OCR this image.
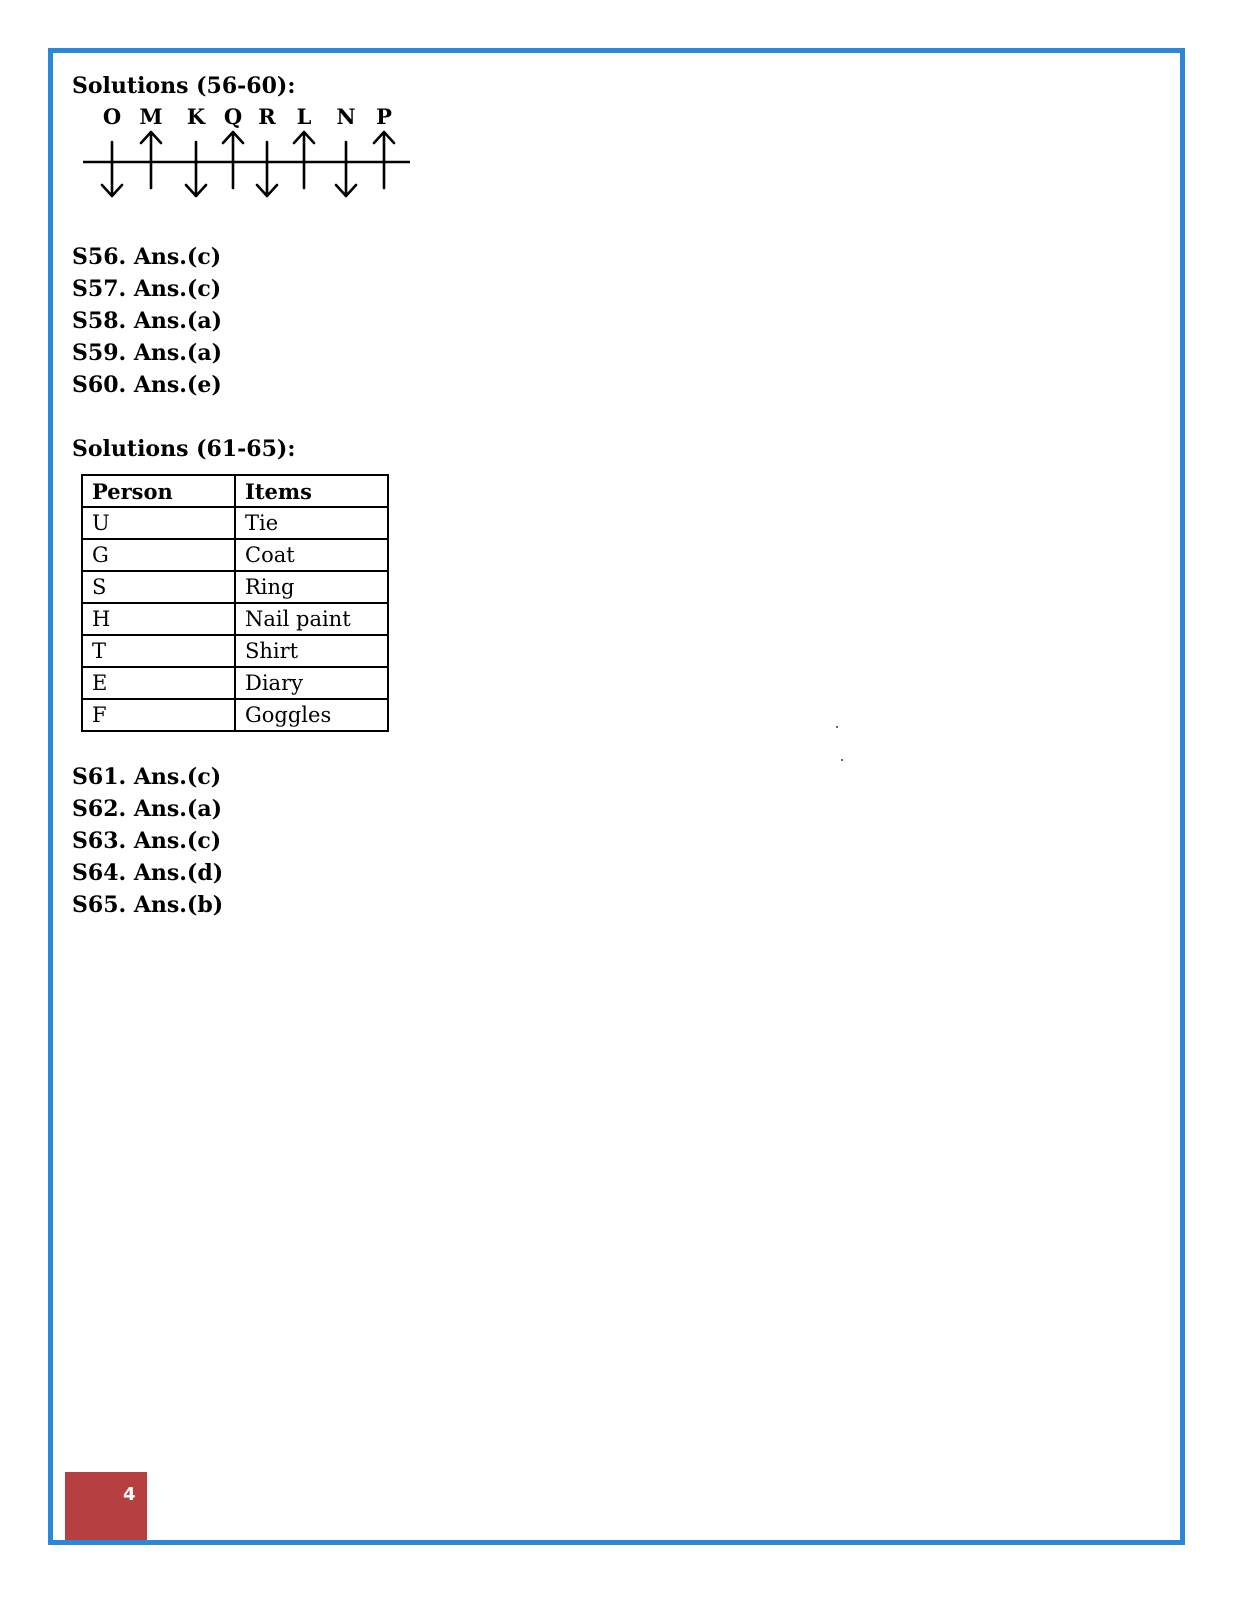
Solutions (56-60):
O M K Q R L N P
S56. Ans.(c)
S57. Ans.(c)
S58. Ans.(a)
S59. Ans.(a)
S60. Ans.(e)
Solutions (61-65):
Person	Items
U	Tie
G	Coat
S	Ring
H	Nail paint
T	Shirt
E	Diary
F	Goggles
S61. Ans.(c)
S62. Ans.(a)
S63. Ans.(c)
S64. Ans.(d)
S65. Ans.(b)
4
